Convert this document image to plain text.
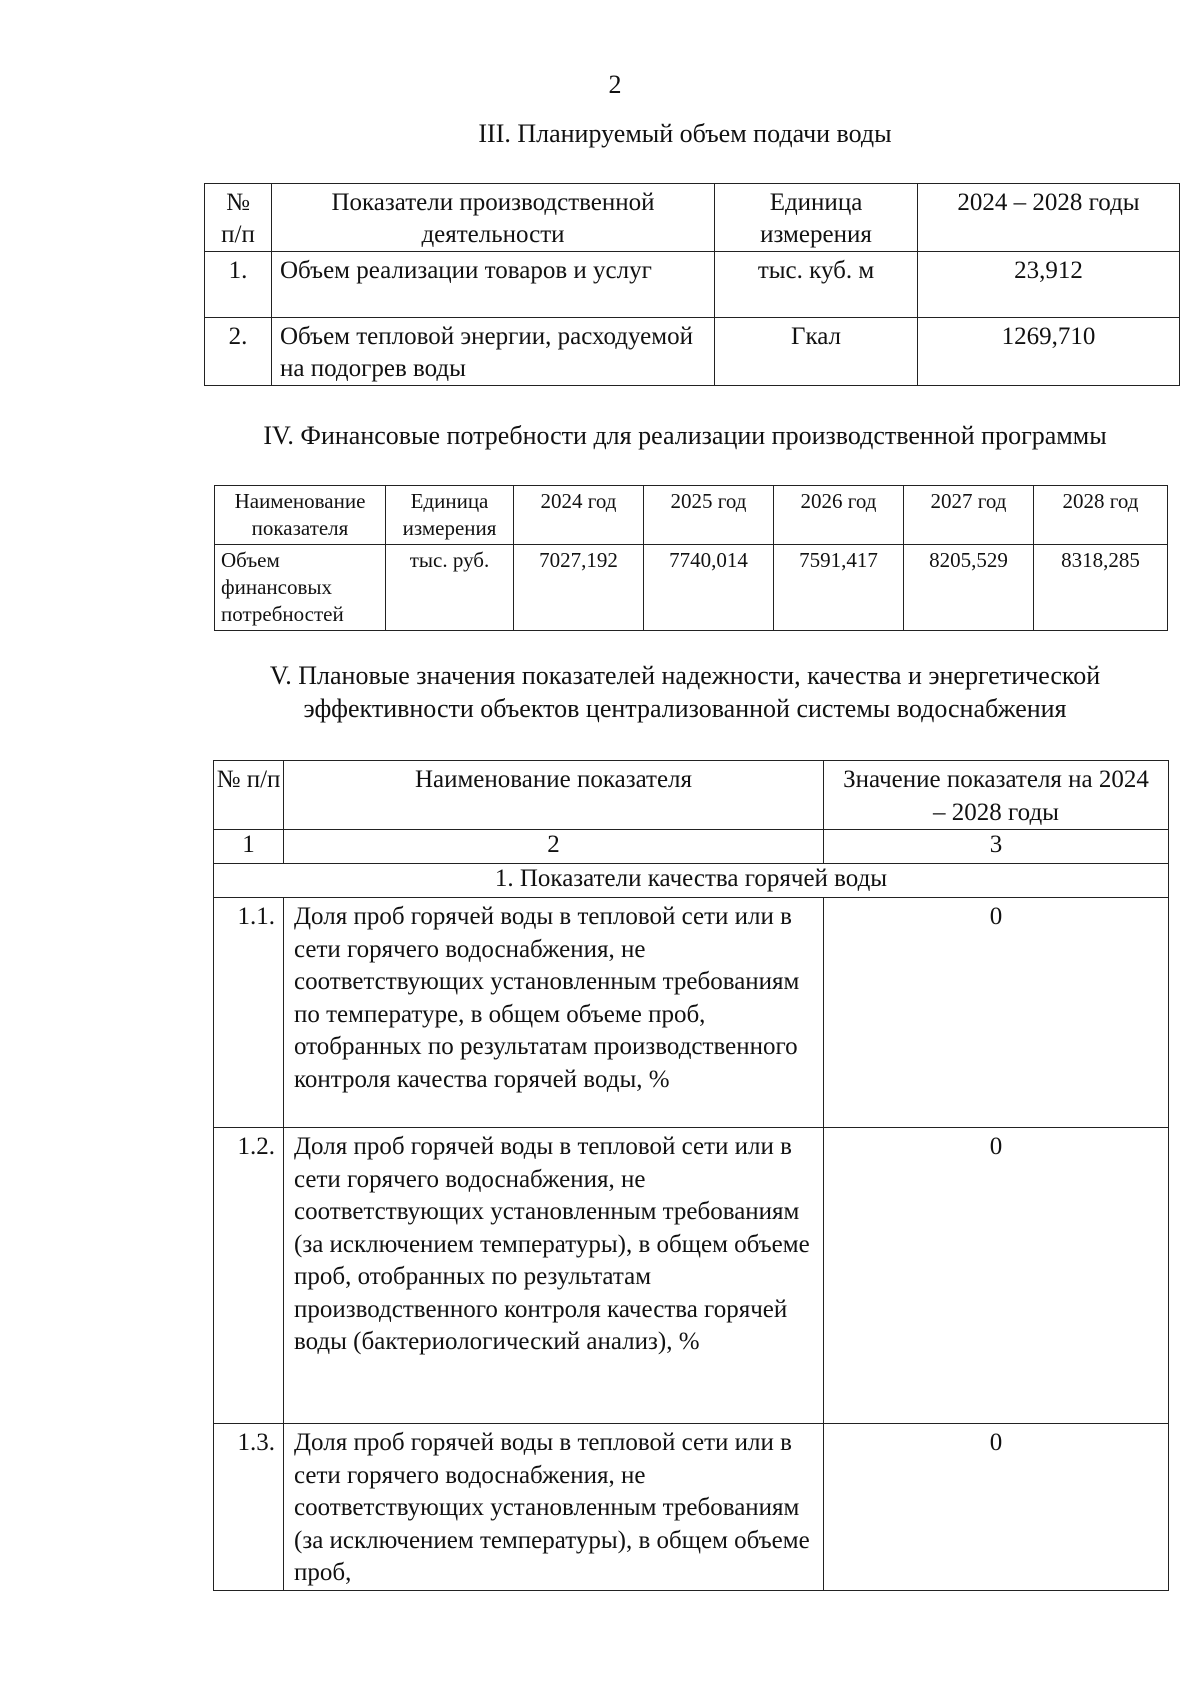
2
III. Планируемый объем подачи воды
№ п/п	Показатели производственной деятельности	Единица измерения	2024 – 2028 годы
1.	Объем реализации товаров и услуг	тыс. куб. м	23,912
2.	Объем тепловой энергии, расходуемой на подогрев воды	Гкал	1269,710
IV. Финансовые потребности для реализации производственной программы
Наименование показателя	Единица измерения	2024 год	2025 год	2026 год	2027 год	2028 год
Объем финансовых потребностей	тыс. руб.	7027,192	7740,014	7591,417	8205,529	8318,285
V. Плановые значения показателей надежности, качества и энергетической
эффективности объектов централизованной системы водоснабжения
№ п/п	Наименование показателя	Значение показателя на 2024 – 2028 годы
1	2	3
1. Показатели качества горячей воды		
1.1.	Доля проб горячей воды в тепловой сети или в сети горячего водоснабжения, не соответствующих установленным требованиям по температуре, в общем объеме проб, отобранных по результатам производственного контроля качества горячей воды, %	0
1.2.	Доля проб горячей воды в тепловой сети или в сети горячего водоснабжения, не соответствующих установленным требованиям (за исключением температуры), в общем объеме проб, отобранных по результатам производственного контроля качества горячей воды (бактериологический анализ), %	0
1.3.	Доля проб горячей воды в тепловой сети или в сети горячего водоснабжения, не соответствующих установленным требованиям (за исключением температуры), в общем объеме проб,	0
